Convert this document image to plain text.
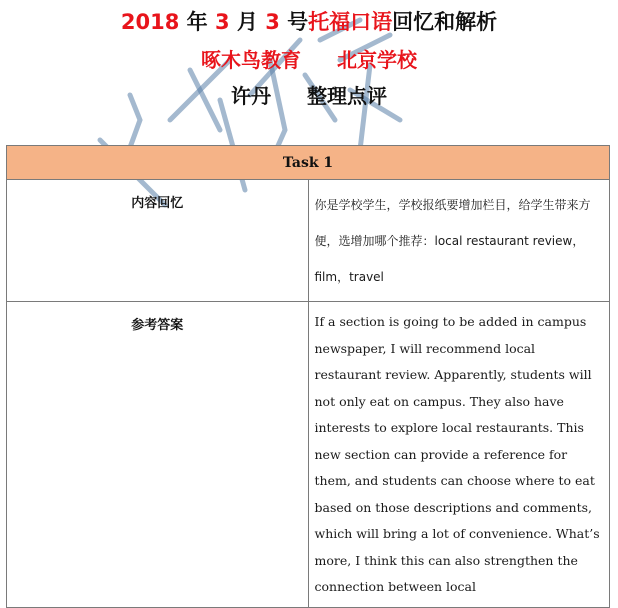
2018 年 3 月 3 号托福口语回忆和解析
啄木鸟教育 北京学校
许丹 整理点评
Task 1	
内容回忆	你是学校学生，学校报纸要增加栏目，给学生带来方便，选增加哪个推荐：local restaurant review，film，travel
参考答案	If a section is going to be added in campus newspaper, I will recommend local restaurant review. Apparently, students will not only eat on campus. They also have interests to explore local restaurants. This new section can provide a reference for them, and students can choose where to eat based on those descriptions and comments, which will bring a lot of convenience. What’s more, I think this can also strengthen the connection between local
